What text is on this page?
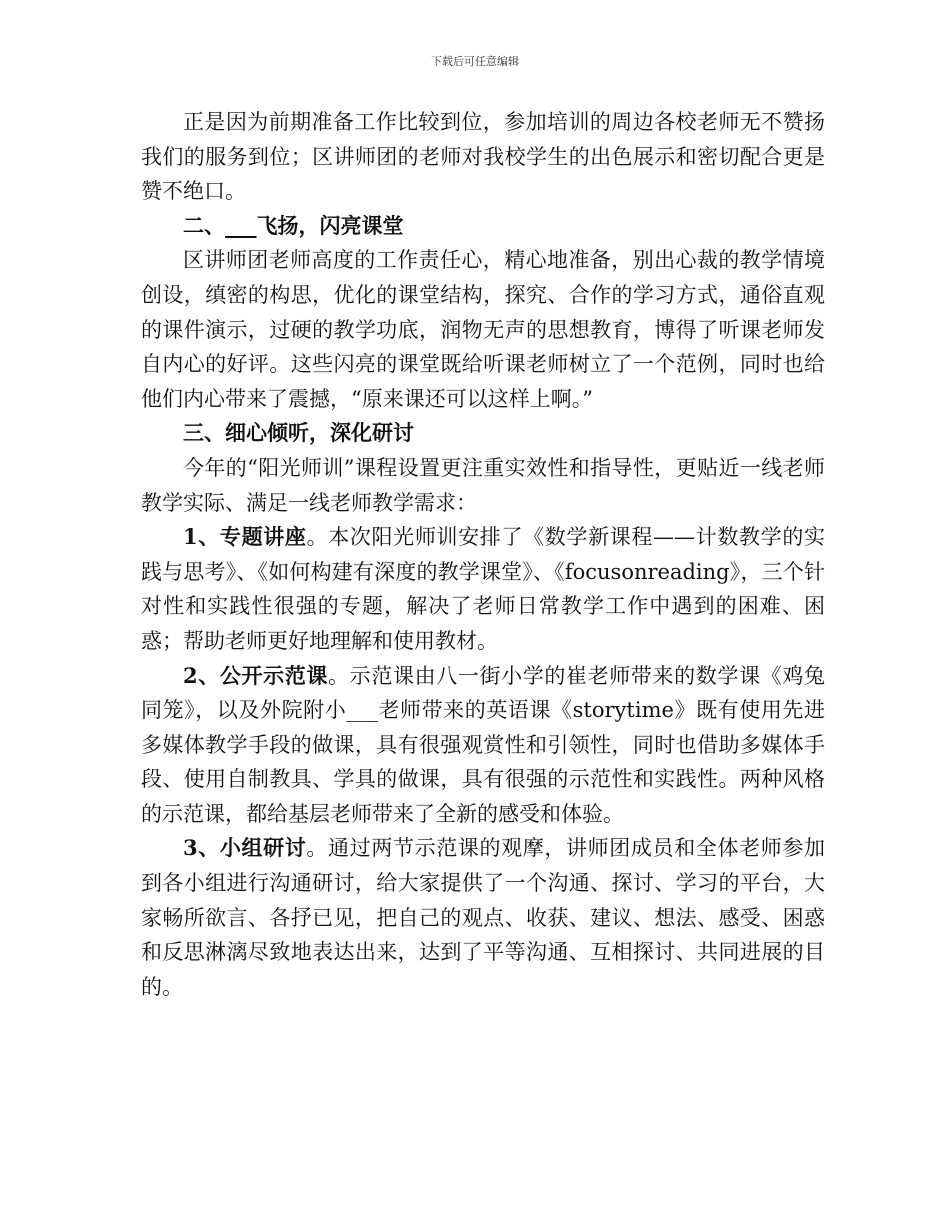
下载后可任意编辑

正是因为前期准备工作比较到位，参加培训的周边各校老师无不赞扬我们的服务到位；区讲师团的老师对我校学生的出色展示和密切配合更是赞不绝口。

二、___飞扬，闪亮课堂

区讲师团老师高度的工作责任心，精心地准备，别出心裁的教学情境创设，缜密的构思，优化的课堂结构，探究、合作的学习方式，通俗直观的课件演示，过硬的教学功底，润物无声的思想教育，博得了听课老师发自内心的好评。这些闪亮的课堂既给听课老师树立了一个范例，同时也给他们内心带来了震撼，“原来课还可以这样上啊。”

三、细心倾听，深化研讨

今年的“阳光师训”课程设置更注重实效性和指导性，更贴近一线老师教学实际、满足一线老师教学需求：

1、专题讲座。本次阳光师训安排了《数学新课程——计数教学的实践与思考》、《如何构建有深度的教学课堂》、《focusonreading》，三个针对性和实践性很强的专题，解决了老师日常教学工作中遇到的困难、困惑；帮助老师更好地理解和使用教材。

2、公开示范课。示范课由八一街小学的崔老师带来的数学课《鸡兔同笼》，以及外院附小___老师带来的英语课《storytime》既有使用先进多媒体教学手段的做课，具有很强观赏性和引领性，同时也借助多媒体手段、使用自制教具、学具的做课，具有很强的示范性和实践性。两种风格的示范课，都给基层老师带来了全新的感受和体验。

3、小组研讨。通过两节示范课的观摩，讲师团成员和全体老师参加到各小组进行沟通研讨，给大家提供了一个沟通、探讨、学习的平台，大家畅所欲言、各抒已见，把自己的观点、收获、建议、想法、感受、困惑和反思淋漓尽致地表达出来，达到了平等沟通、互相探讨、共同进展的目的。
